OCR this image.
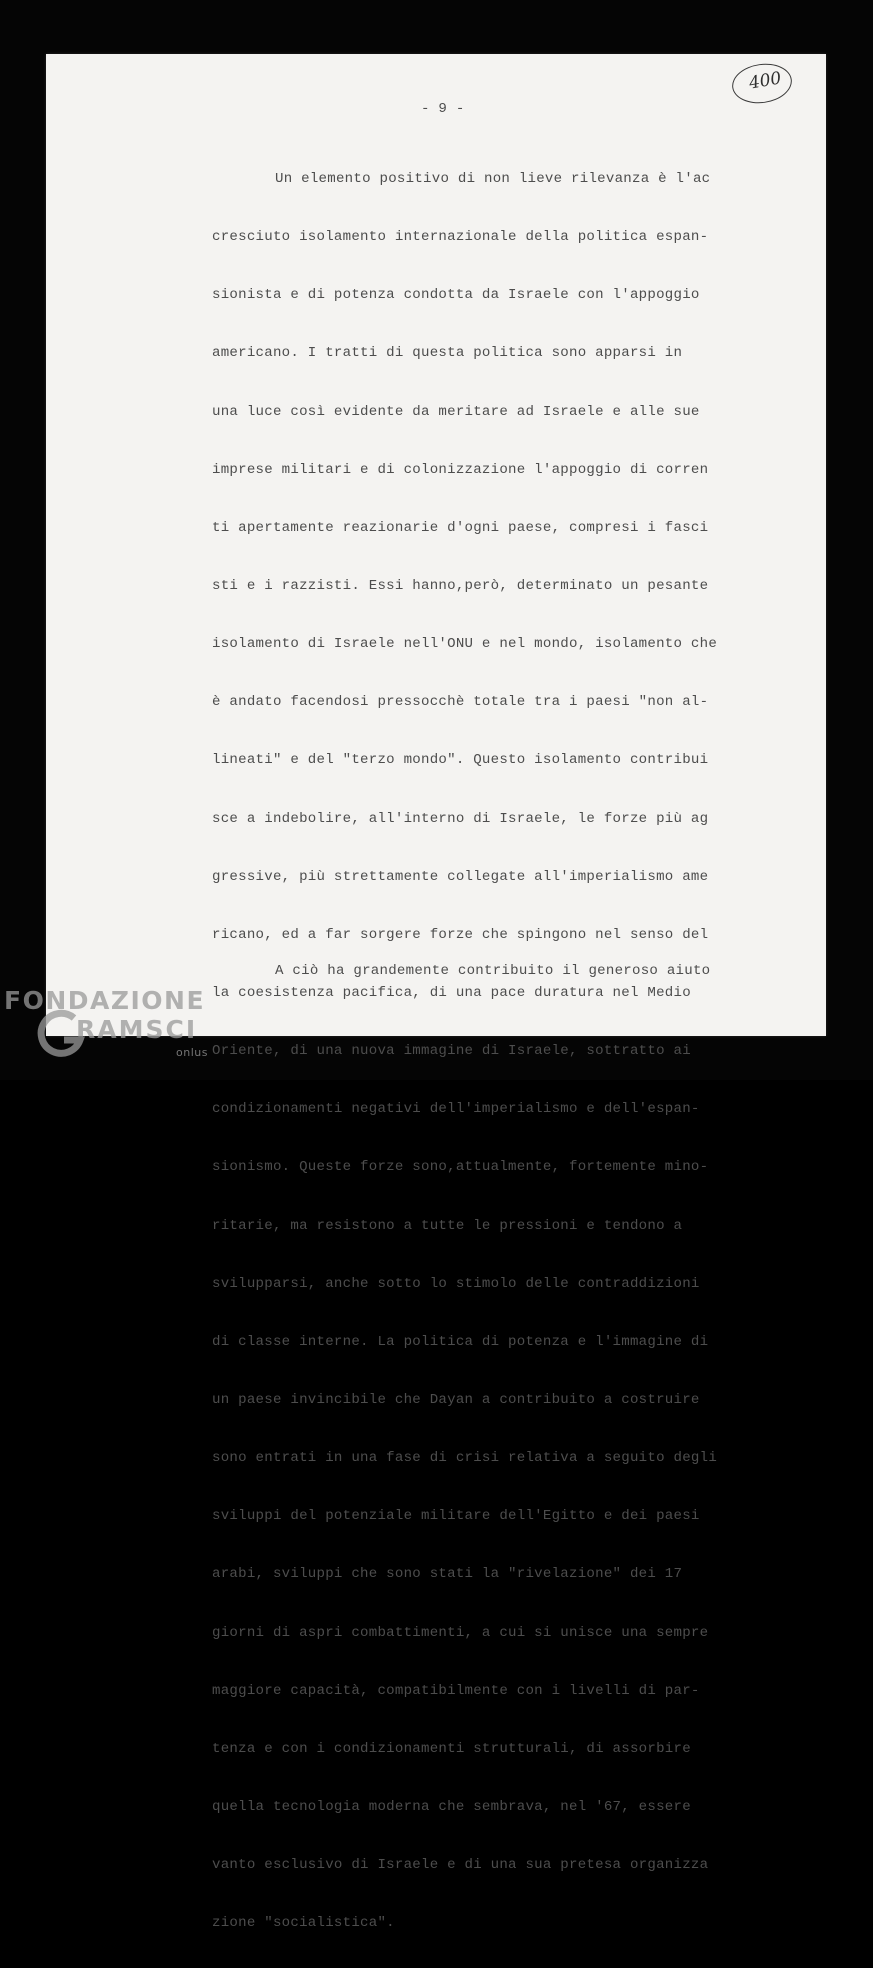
400
- 9 -

Un elemento positivo di non lieve rilevanza è l'ac

cresciuto isolamento internazionale della politica espan-

sionista e di potenza condotta da Israele con l'appoggio

americano. I tratti di questa politica sono apparsi in

una luce così evidente da meritare ad Israele e alle sue

imprese militari e di colonizzazione l'appoggio di corren

ti apertamente reazionarie d'ogni paese, compresi i fasci

sti e i razzisti. Essi hanno,però, determinato un pesante

isolamento di Israele nell'ONU e nel mondo, isolamento che

è andato facendosi pressocchè totale tra i paesi "non al-

lineati" e del "terzo mondo". Questo isolamento contribui

sce a indebolire, all'interno di Israele, le forze più ag

gressive, più strettamente collegate all'imperialismo ame

ricano, ed a far sorgere forze che spingono nel senso del

la coesistenza pacifica, di una pace duratura nel Medio

Oriente, di una nuova immagine di Israele, sottratto ai

condizionamenti negativi dell'imperialismo e dell'espan-

sionismo. Queste forze sono,attualmente, fortemente mino-

ritarie, ma resistono a tutte le pressioni e tendono a

svilupparsi, anche sotto lo stimolo delle contraddizioni

di classe interne. La politica di potenza e l'immagine di

un paese invincibile che Dayan a contribuito a costruire

sono entrati in una fase di crisi relativa a seguito degli

sviluppi del potenziale militare dell'Egitto e dei paesi

arabi, sviluppi che sono stati la "rivelazione" dei 17

giorni di aspri combattimenti, a cui si unisce una sempre

maggiore capacità, compatibilmente con i livelli di par-

tenza e con i condizionamenti strutturali, di assorbire

quella tecnologia moderna che sembrava, nel '67, essere

vanto esclusivo di Israele e di una sua pretesa organizza

zione "socialistica".

A ciò ha grandemente contribuito il generoso aiuto
FONDAZIONE
RAMSCI
onlus
